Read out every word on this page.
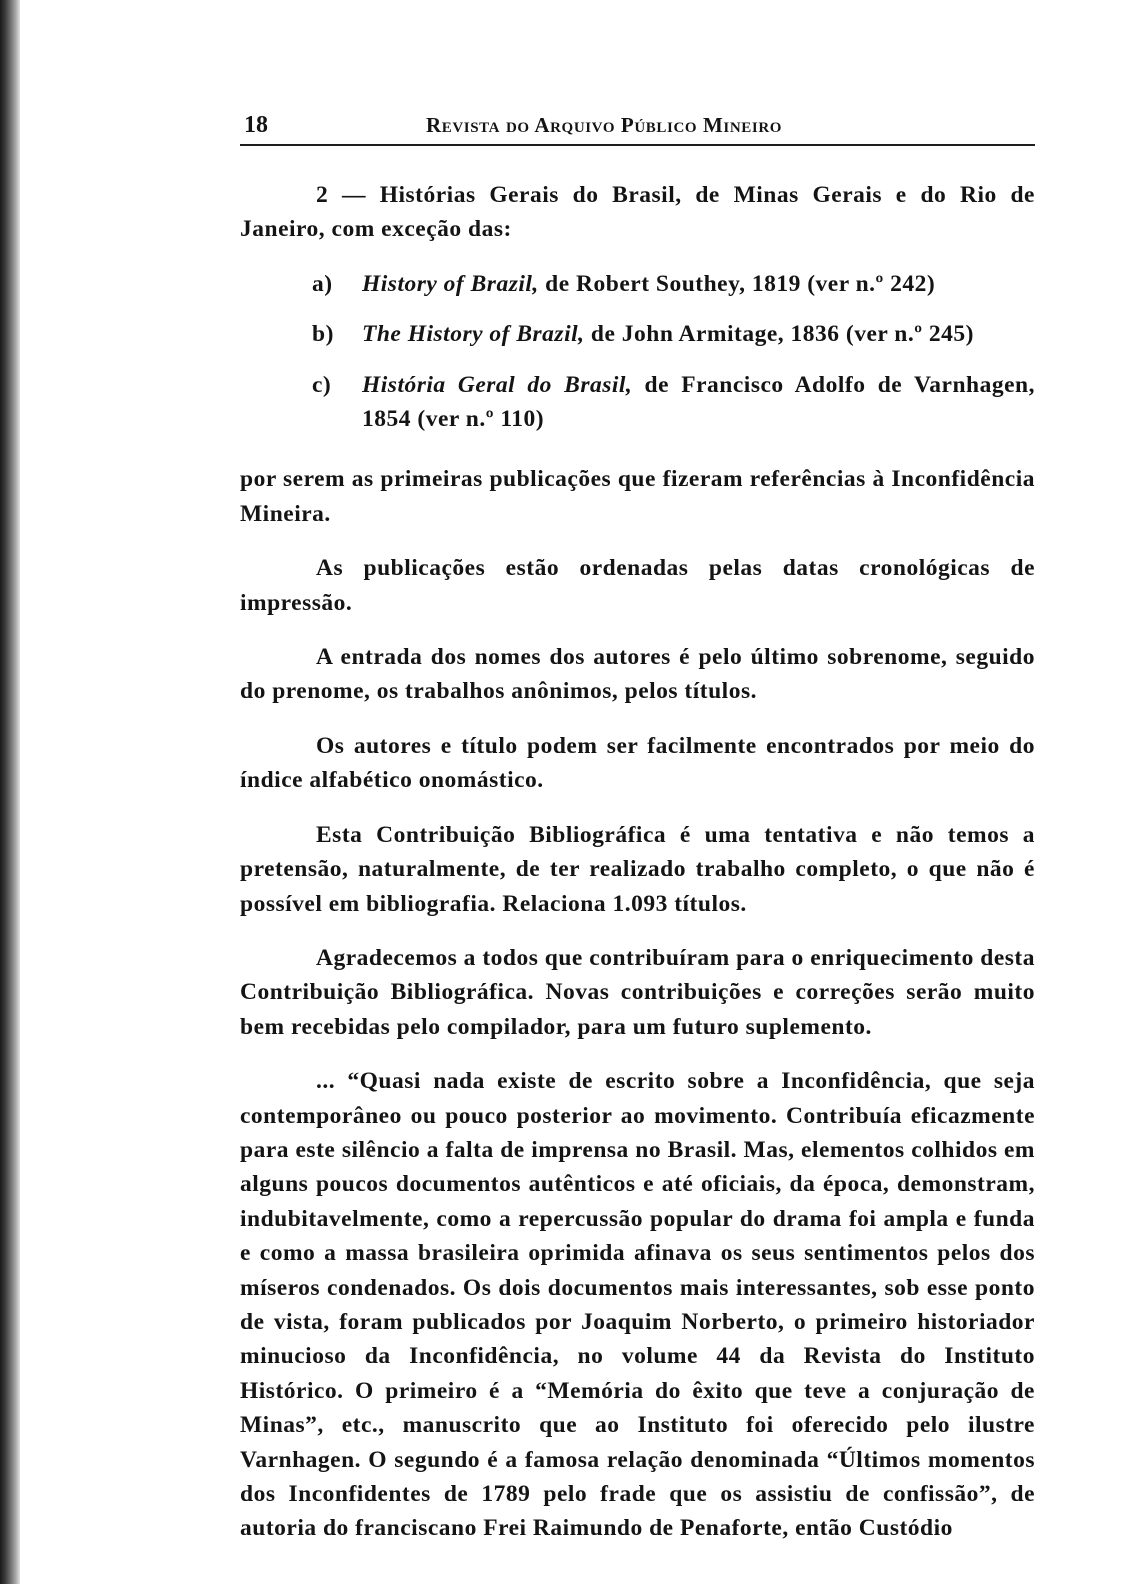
18	Revista do Arquivo Público Mineiro

2 — Histórias Gerais do Brasil, de Minas Gerais e do Rio de Janeiro, com exceção das:

a) History of Brazil, de Robert Southey, 1819 (ver n.º 242)
b) The History of Brazil, de John Armitage, 1836 (ver n.º 245)
c) História Geral do Brasil, de Francisco Adolfo de Varnhagen, 1854 (ver n.º 110)

por serem as primeiras publicações que fizeram referências à Inconfidência Mineira.

As publicações estão ordenadas pelas datas cronológicas de impressão.

A entrada dos nomes dos autores é pelo último sobrenome, seguido do prenome, os trabalhos anônimos, pelos títulos.

Os autores e título podem ser facilmente encontrados por meio do índice alfabético onomástico.

Esta Contribuição Bibliográfica é uma tentativa e não temos a pretensão, naturalmente, de ter realizado trabalho completo, o que não é possível em bibliografia. Relaciona 1.093 títulos.

Agradecemos a todos que contribuíram para o enriquecimento desta Contribuição Bibliográfica. Novas contribuições e correções serão muito bem recebidas pelo compilador, para um futuro suplemento.

... “Quasi nada existe de escrito sobre a Inconfidência, que seja contemporâneo ou pouco posterior ao movimento. Contribuía eficazmente para este silêncio a falta de imprensa no Brasil. Mas, elementos colhidos em alguns poucos documentos autênticos e até oficiais, da época, demonstram, indubitavelmente, como a repercussão popular do drama foi ampla e funda e como a massa brasileira oprimida afinava os seus sentimentos pelos dos míseros condenados. Os dois documentos mais interessantes, sob esse ponto de vista, foram publicados por Joaquim Norberto, o primeiro historiador minucioso da Inconfidência, no volume 44 da Revista do Instituto Histórico. O primeiro é a “Memória do êxito que teve a conjuração de Minas”, etc., manuscrito que ao Instituto foi oferecido pelo ilustre Varnhagen. O segundo é a famosa relação denominada “Últimos momentos dos Inconfidentes de 1789 pelo frade que os assistiu de confissão”, de autoria do franciscano Frei Raimundo de Penaforte, então Custódio
